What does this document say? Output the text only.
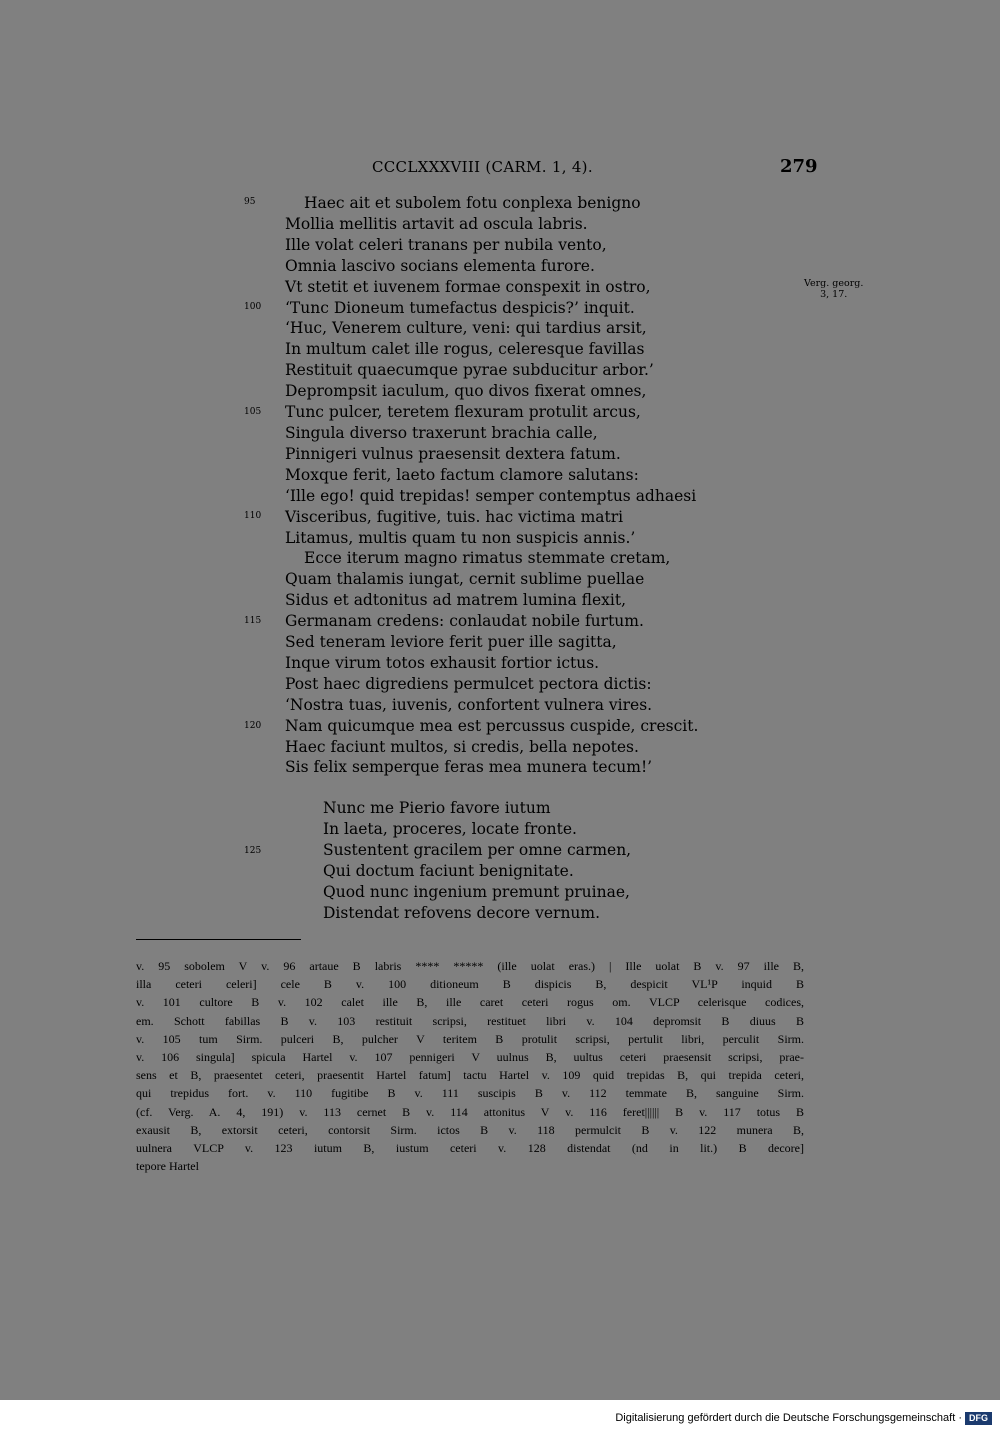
CCCLXXXVIII (CARM. 1, 4).	279
95
100
105
110
115
120
125
Verg. georg.
3, 17.
Haec ait et subolem fotu conplexa benigno
Mollia mellitis artavit ad oscula labris.
Ille volat celeri tranans per nubila vento,
Omnia lascivo socians elementa furore.
Vt stetit et iuvenem formae conspexit in ostro,
‘Tunc Dioneum tumefactus despicis?’ inquit.
‘Huc, Venerem culture, veni: qui tardius arsit,
In multum calet ille rogus, celeresque favillas
Restituit quaecumque pyrae subducitur arbor.’
Deprompsit iaculum, quo divos fixerat omnes,
Tunc pulcer, teretem flexuram protulit arcus,
Singula diverso traxerunt brachia calle,
Pinnigeri vulnus praesensit dextera fatum.
Moxque ferit, laeto factum clamore salutans:
‘Ille ego! quid trepidas! semper contemptus adhaesi
Visceribus, fugitive, tuis. hac victima matri
Litamus, multis quam tu non suspicis annis.’
Ecce iterum magno rimatus stemmate cretam,
Quam thalamis iungat, cernit sublime puellae
Sidus et adtonitus ad matrem lumina flexit,
Germanam credens: conlaudat nobile furtum.
Sed teneram leviore ferit puer ille sagitta,
Inque virum totos exhausit fortior ictus.
Post haec digrediens permulcet pectora dictis:
‘Nostra tuas, iuvenis, confortent vulnera vires.
Nam quicumque mea est percussus cuspide, crescit.
Haec faciunt multos, si credis, bella nepotes.
Sis felix semperque feras mea munera tecum!’
Nunc me Pierio favore iutum
In laeta, proceres, locate fronte.
Sustentent gracilem per omne carmen,
Qui doctum faciunt benignitate.
Quod nunc ingenium premunt pruinae,
Distendat refovens decore vernum.
v. 95 sobolem V v. 96 artaue B labris **** ***** (ille uolat eras.) | Ille uolat B v. 97 ille B,
illa ceteri celeri] cele B v. 100 ditioneum B dispicis B, despicit VL¹P inquid B
v. 101 cultore B v. 102 calet ille B, ille caret ceteri rogus om. VLCP celerisque codices,
em. Schott fabillas B v. 103 restituit scripsi, restituet libri v. 104 depromsit B diuus B
v. 105 tum Sirm. pulceri B, pulcher V teritem B protulit scripsi, pertulit libri, perculit Sirm.
v. 106 singula] spicula Hartel v. 107 pennigeri V uulnus B, uultus ceteri praesensit scripsi, prae-
sens et B, praesentet ceteri, praesentit Hartel fatum] tactu Hartel v. 109 quid trepidas B, qui trepida ceteri,
qui trepidus fort. v. 110 fugitibe B v. 111 suscipis B v. 112 temmate B, sanguine Sirm.
(cf. Verg. A. 4, 191) v. 113 cernet B v. 114 attonitus V v. 116 feret|||||| B v. 117 totus B
exausit B, extorsit ceteri, contorsit Sirm. ictos B v. 118 permulcit B v. 122 munera B,
uulnera VLCP v. 123 iutum B, iustum ceteri v. 128 distendat (nd in lit.) B decore]
tepore Hartel
Digitalisierung gefördert durch die Deutsche Forschungsgemeinschaft · DFG
